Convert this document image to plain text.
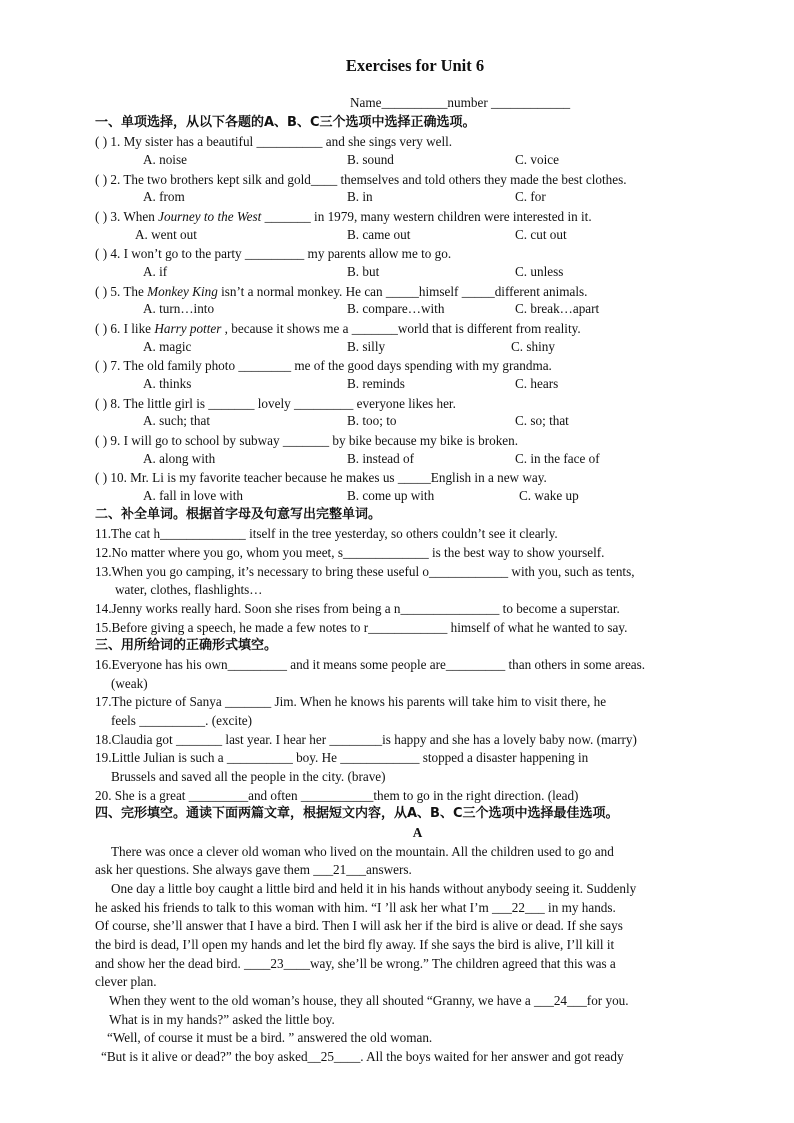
Exercises for Unit 6
Name__________number ____________
一、单项选择，从以下各题的A、B、C三个选项中选择正确选项。
( ) 1. My sister has a beautiful __________ and she sings very well.
A. noise	B. sound	C. voice
( ) 2. The two brothers kept silk and gold____ themselves and told others they made the best clothes.
A. from	B. in	C. for
( ) 3. When Journey to the West _______ in 1979, many western children were interested in it.
A. went out	B. came out	C. cut out
( ) 4. I won’t go to the party _________ my parents allow me to go.
A. if	B. but	C. unless
( ) 5. The Monkey King isn’t a normal monkey. He can _____himself _____different animals.
A. turn…into	B. compare…with	C. break…apart
( ) 6. I like Harry potter , because it shows me a _______world that is different from reality.
A. magic	B. silly	C. shiny
( ) 7. The old family photo ________ me of the good days spending with my grandma.
A. thinks	B. reminds	C. hears
( ) 8. The little girl is _______ lovely _________ everyone likes her.
A. such; that	B. too; to	C. so; that
( ) 9. I will go to school by subway _______ by bike because my bike is broken.
A. along with	B. instead of	C. in the face of
( ) 10. Mr. Li is my favorite teacher because he makes us _____English in a new way.
A. fall in love with	B. come up with	C. wake up
二、补全单词。根据首字母及句意写出完整单词。
11.The cat h_____________ itself in the tree yesterday, so others couldn’t see it clearly.
12.No matter where you go, whom you meet, s_____________ is the best way to show yourself.
13.When you go camping, it’s necessary to bring these useful o____________ with you, such as tents,
water, clothes, flashlights…
14.Jenny works really hard. Soon she rises from being a n_______________ to become a superstar.
15.Before giving a speech, he made a few notes to r____________ himself of what he wanted to say.
三、用所给词的正确形式填空。
16.Everyone has his own_________ and it means some people are_________ than others in some areas.
(weak)
17.The picture of Sanya _______ Jim. When he knows his parents will take him to visit there, he
feels __________. (excite)
18.Claudia got _______ last year. I hear her ________is happy and she has a lovely baby now. (marry)
19.Little Julian is such a __________ boy. He ____________ stopped a disaster happening in
Brussels and saved all the people in the city. (brave)
20. She is a great _________and often ___________them to go in the right direction. (lead)
四、完形填空。通读下面两篇文章，根据短文内容，从A、B、C三个选项中选择最佳选项。
A
There was once a clever old woman who lived on the mountain. All the children used to go and
ask her questions. She always gave them ___21___answers.
One day a little boy caught a little bird and held it in his hands without anybody seeing it. Suddenly
he asked his friends to talk to this woman with him. “I ’ll ask her what I’m ___22___ in my hands.
Of course, she’ll answer that I have a bird. Then I will ask her if the bird is alive or dead. If she says
the bird is dead, I’ll open my hands and let the bird fly away. If she says the bird is alive, I’ll kill it
and show her the dead bird. ____23____way, she’ll be wrong.” The children agreed that this was a
clever plan.
When they went to the old woman’s house, they all shouted “Granny, we have a ___24___for you.
What is in my hands?” asked the little boy.
“Well, of course it must be a bird. ” answered the old woman.
“But is it alive or dead?” the boy asked__25____. All the boys waited for her answer and got ready
